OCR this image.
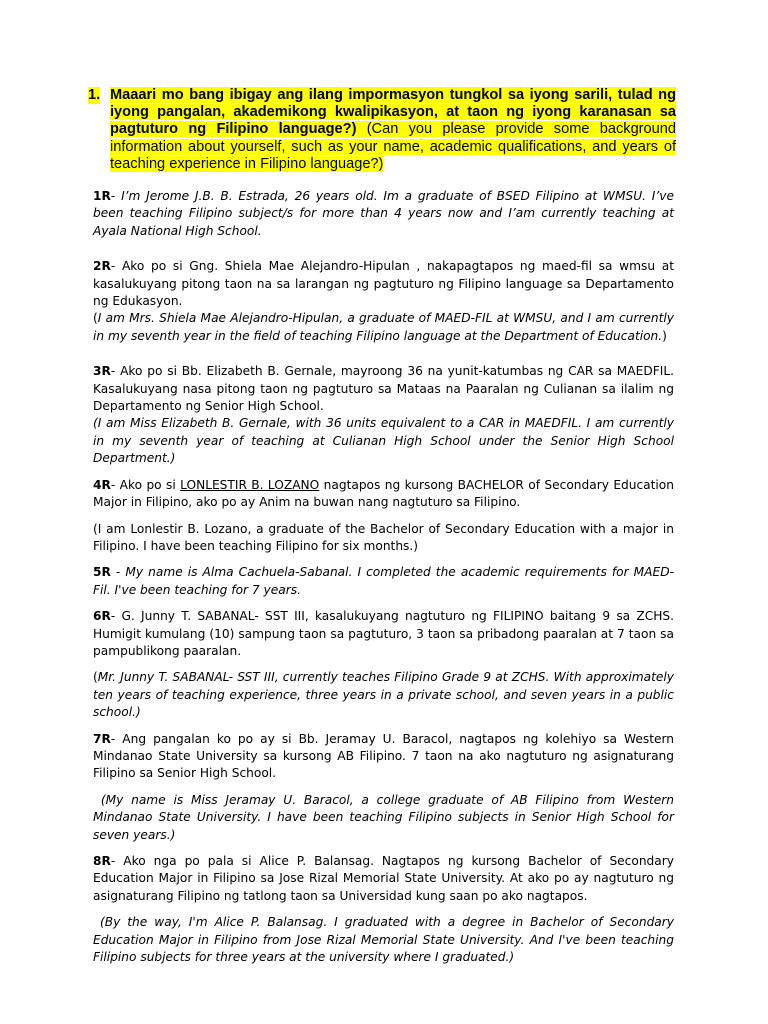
1. Maaari mo bang ibigay ang ilang impormasyon tungkol sa iyong sarili, tulad ng iyong pangalan, akademikong kwalipikasyon, at taon ng iyong karanasan sa pagtuturo ng Filipino language?) (Can you please provide some background information about yourself, such as your name, academic qualifications, and years of teaching experience in Filipino language?)

1R- I’m Jerome J.B. B. Estrada, 26 years old. Im a graduate of BSED Filipino at WMSU. I’ve been teaching Filipino subject/s for more than 4 years now and I’am currently teaching at Ayala National High School.

2R- Ako po si Gng. Shiela Mae Alejandro-Hipulan , nakapagtapos ng maed-fil sa wmsu at kasalukuyang pitong taon na sa larangan ng pagtuturo ng Filipino language sa Departamento ng Edukasyon.

(I am Mrs. Shiela Mae Alejandro-Hipulan, a graduate of MAED-FIL at WMSU, and I am currently in my seventh year in the field of teaching Filipino language at the Department of Education.)

3R- Ako po si Bb. Elizabeth B. Gernale, mayroong 36 na yunit-katumbas ng CAR sa MAEDFIL. Kasalukuyang nasa pitong taon ng pagtuturo sa Mataas na Paaralan ng Culianan sa ilalim ng Departamento ng Senior High School.

(I am Miss Elizabeth B. Gernale, with 36 units equivalent to a CAR in MAEDFIL. I am currently in my seventh year of teaching at Culianan High School under the Senior High School Department.)

4R- Ako po si LONLESTIR B. LOZANO nagtapos ng kursong BACHELOR of Secondary Education Major in Filipino, ako po ay Anim na buwan nang nagtuturo sa Filipino.

(I am Lonlestir B. Lozano, a graduate of the Bachelor of Secondary Education with a major in Filipino. I have been teaching Filipino for six months.)

5R - My name is Alma Cachuela-Sabanal. I completed the academic requirements for MAED-Fil. I've been teaching for 7 years.

6R- G. Junny T. SABANAL- SST III, kasalukuyang nagtuturo ng FILIPINO baitang 9 sa ZCHS. Humigit kumulang (10) sampung taon sa pagtuturo, 3 taon sa pribadong paaralan at 7 taon sa pampublikong paaralan.

(Mr. Junny T. SABANAL- SST III, currently teaches Filipino Grade 9 at ZCHS. With approximately ten years of teaching experience, three years in a private school, and seven years in a public school.)

7R- Ang pangalan ko po ay si Bb. Jeramay U. Baracol, nagtapos ng kolehiyo sa Western Mindanao State University sa kursong AB Filipino. 7 taon na ako nagtuturo ng asignaturang Filipino sa Senior High School.

(My name is Miss Jeramay U. Baracol, a college graduate of AB Filipino from Western Mindanao State University. I have been teaching Filipino subjects in Senior High School for seven years.)

8R- Ako nga po pala si Alice P. Balansag. Nagtapos ng kursong Bachelor of Secondary Education Major in Filipino sa Jose Rizal Memorial State University. At ako po ay nagtuturo ng asignaturang Filipino ng tatlong taon sa Universidad kung saan po ako nagtapos.

(By the way, I'm Alice P. Balansag. I graduated with a degree in Bachelor of Secondary Education Major in Filipino from Jose Rizal Memorial State University. And I've been teaching Filipino subjects for three years at the university where I graduated.)
